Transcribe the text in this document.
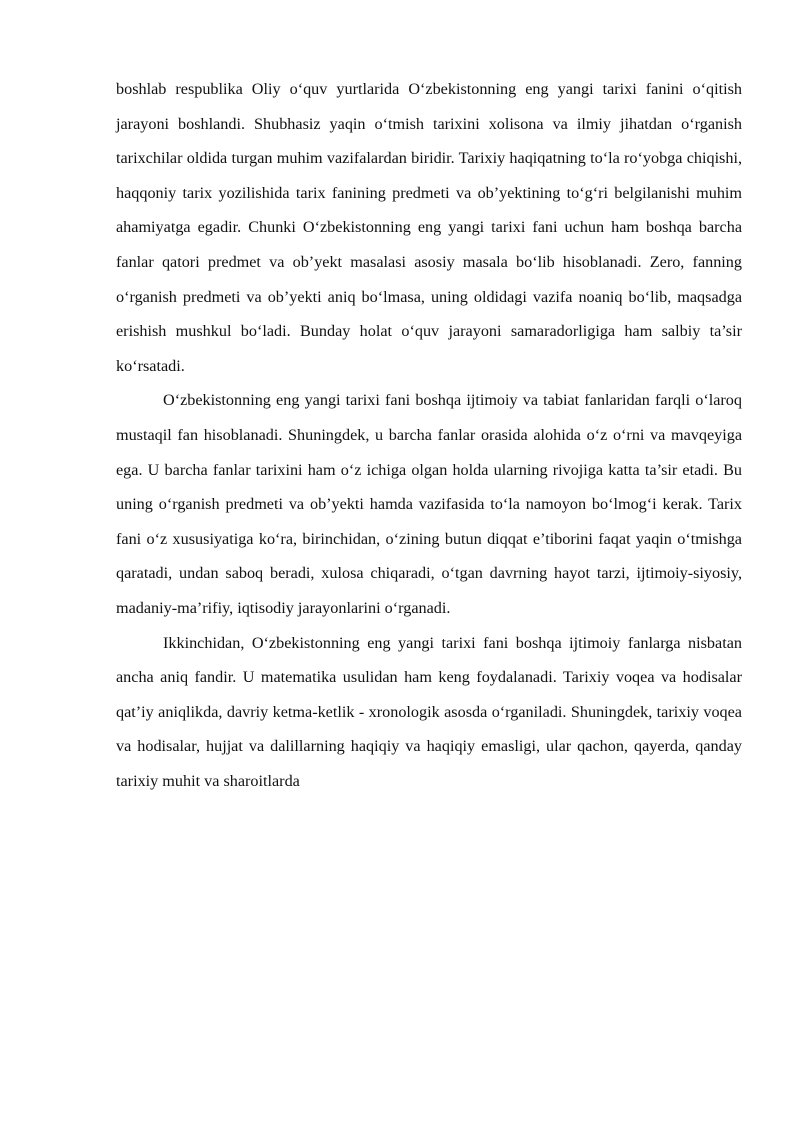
boshlab respublika Oliy o‘quv yurtlarida O‘zbekistonning eng yangi tarixi fanini o‘qitish jarayoni boshlandi. Shubhasiz yaqin o‘tmish tarixini xolisona va ilmiy jihatdan o‘rganish tarixchilar oldida turgan muhim vazifalardan biridir. Tarixiy haqiqatning to‘la ro‘yobga chiqishi, haqqoniy tarix yozilishida tarix fanining predmeti va ob’yektining to‘g‘ri belgilanishi muhim ahamiyatga egadir. Chunki O‘zbekistonning eng yangi tarixi fani uchun ham boshqa barcha fanlar qatori predmet va ob’yekt masalasi asosiy masala bo‘lib hisoblanadi. Zero, fanning o‘rganish predmeti va ob’yekti aniq bo‘lmasa, uning oldidagi vazifa noaniq bo‘lib, maqsadga erishish mushkul bo‘ladi. Bunday holat o‘quv jarayoni samaradorligiga ham salbiy ta’sir ko‘rsatadi.

O‘zbekistonning eng yangi tarixi fani boshqa ijtimoiy va tabiat fanlaridan farqli o‘laroq mustaqil fan hisoblanadi. Shuningdek, u barcha fanlar orasida alohida o‘z o‘rni va mavqeyiga ega. U barcha fanlar tarixini ham o‘z ichiga olgan holda ularning rivojiga katta ta’sir etadi. Bu uning o‘rganish predmeti va ob’yekti hamda vazifasida to‘la namoyon bo‘lmog‘i kerak. Tarix fani o‘z xususiyatiga ko‘ra, birinchidan, o‘zining butun diqqat e’tiborini faqat yaqin o‘tmishga qaratadi, undan saboq beradi, xulosa chiqaradi, o‘tgan davrning hayot tarzi, ijtimoiy-siyosiy, madaniy-ma’rifiy, iqtisodiy jarayonlarini o‘rganadi.

Ikkinchidan, O‘zbekistonning eng yangi tarixi fani boshqa ijtimoiy fanlarga nisbatan ancha aniq fandir. U matematika usulidan ham keng foydalanadi. Tarixiy voqea va hodisalar qat’iy aniqlikda, davriy ketma-ketlik - xronologik asosda o‘rganiladi. Shuningdek, tarixiy voqea va hodisalar, hujjat va dalillarning haqiqiy va haqiqiy emasligi, ular qachon, qayerda, qanday tarixiy muhit va sharoitlarda
